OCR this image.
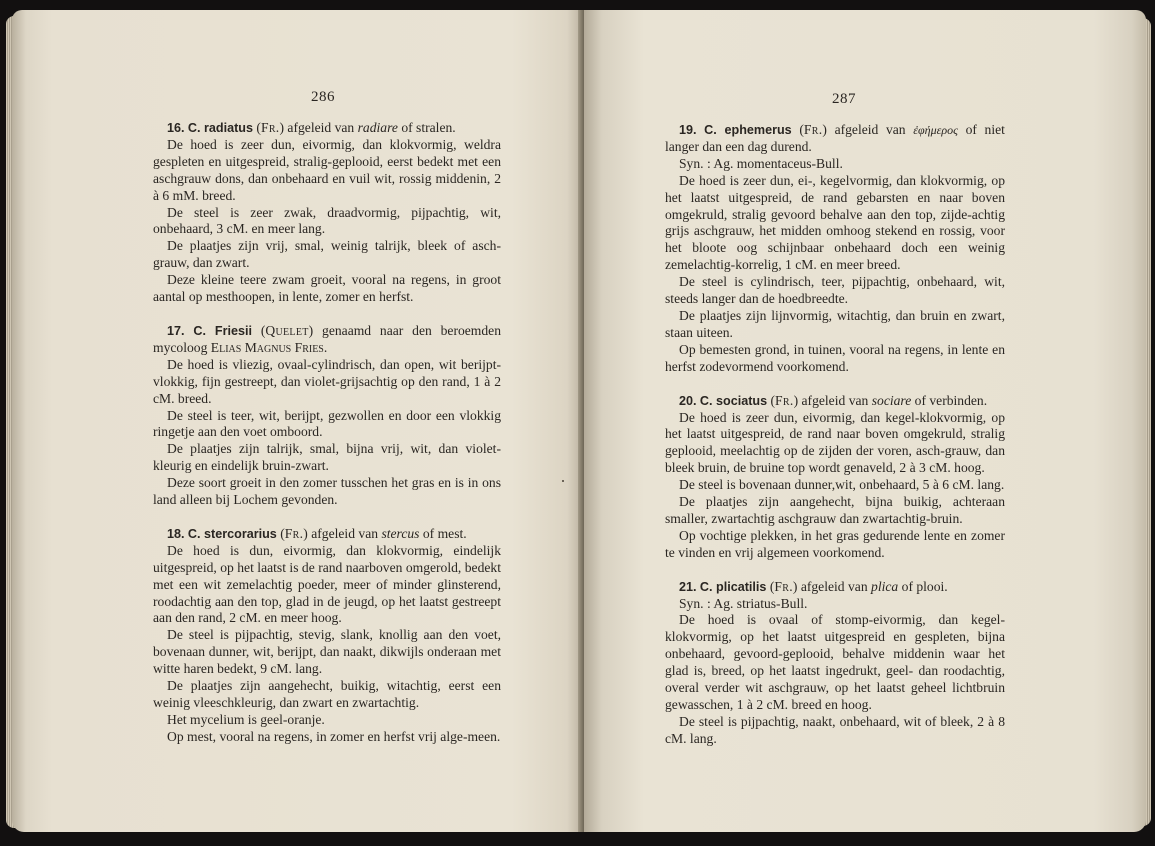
286

16. C. radiatus (Fr.) afgeleid van radiare of stralen.

De hoed is zeer dun, eivormig, dan klokvormig, weldra gespleten en uitgespreid, stralig-geplooid, eerst bedekt met een aschgrauw dons, dan onbehaard en vuil wit, rossig middenin, 2 à 6 mM. breed.

De steel is zeer zwak, draadvormig, pijpachtig, wit, onbehaard, 3 cM. en meer lang.

De plaatjes zijn vrij, smal, weinig talrijk, bleek of asch-grauw, dan zwart.

Deze kleine teere zwam groeit, vooral na regens, in groot aantal op mesthoopen, in lente, zomer en herfst.

17. C. Friesii (Quelet) genaamd naar den beroemden mycoloog Elias Magnus Fries.

De hoed is vliezig, ovaal-cylindrisch, dan open, wit berijpt-vlokkig, fijn gestreept, dan violet-grijsachtig op den rand, 1 à 2 cM. breed.

De steel is teer, wit, berijpt, gezwollen en door een vlokkig ringetje aan den voet omboord.

De plaatjes zijn talrijk, smal, bijna vrij, wit, dan violet-kleurig en eindelijk bruin-zwart.

Deze soort groeit in den zomer tusschen het gras en is in ons land alleen bij Lochem gevonden.

18. C. stercorarius (Fr.) afgeleid van stercus of mest.

De hoed is dun, eivormig, dan klokvormig, eindelijk uitgespreid, op het laatst is de rand naarboven omgerold, bedekt met een wit zemelachtig poeder, meer of minder glinsterend, roodachtig aan den top, glad in de jeugd, op het laatst gestreept aan den rand, 2 cM. en meer hoog.

De steel is pijpachtig, stevig, slank, knollig aan den voet, bovenaan dunner, wit, berijpt, dan naakt, dikwijls onderaan met witte haren bedekt, 9 cM. lang.

De plaatjes zijn aangehecht, buikig, witachtig, eerst een weinig vleeschkleurig, dan zwart en zwartachtig.

Het mycelium is geel-oranje.

Op mest, vooral na regens, in zomer en herfst vrij alge-meen.

287

19. C. ephemerus (Fr.) afgeleid van ἐφήμερος of niet langer dan een dag durend.

Syn. : Ag. momentaceus-Bull.

De hoed is zeer dun, ei-, kegelvormig, dan klokvormig, op het laatst uitgespreid, de rand gebarsten en naar boven omgekruld, stralig gevoord behalve aan den top, zijde-achtig grijs aschgrauw, het midden omhoog stekend en rossig, voor het bloote oog schijnbaar onbehaard doch een weinig zemelachtig-korrelig, 1 cM. en meer breed.

De steel is cylindrisch, teer, pijpachtig, onbehaard, wit, steeds langer dan de hoedbreedte.

De plaatjes zijn lijnvormig, witachtig, dan bruin en zwart, staan uiteen.

Op bemesten grond, in tuinen, vooral na regens, in lente en herfst zodevormend voorkomend.

20. C. sociatus (Fr.) afgeleid van sociare of verbinden.

De hoed is zeer dun, eivormig, dan kegel-klokvormig, op het laatst uitgespreid, de rand naar boven omgekruld, stralig geplooid, meelachtig op de zijden der voren, asch-grauw, dan bleek bruin, de bruine top wordt genaveld, 2 à 3 cM. hoog.

De steel is bovenaan dunner,wit, onbehaard, 5 à 6 cM. lang.

De plaatjes zijn aangehecht, bijna buikig, achteraan smaller, zwartachtig aschgrauw dan zwartachtig-bruin.

Op vochtige plekken, in het gras gedurende lente en zomer te vinden en vrij algemeen voorkomend.

21. C. plicatilis (Fr.) afgeleid van plica of plooi.

Syn. : Ag. striatus-Bull.

De hoed is ovaal of stomp-eivormig, dan kegel-klokvormig, op het laatst uitgespreid en gespleten, bijna onbehaard, gevoord-geplooid, behalve middenin waar het glad is, breed, op het laatst ingedrukt, geel- dan roodachtig, overal verder wit aschgrauw, op het laatst geheel lichtbruin gewasschen, 1 à 2 cM. breed en hoog.

De steel is pijpachtig, naakt, onbehaard, wit of bleek, 2 à 8 cM. lang.
